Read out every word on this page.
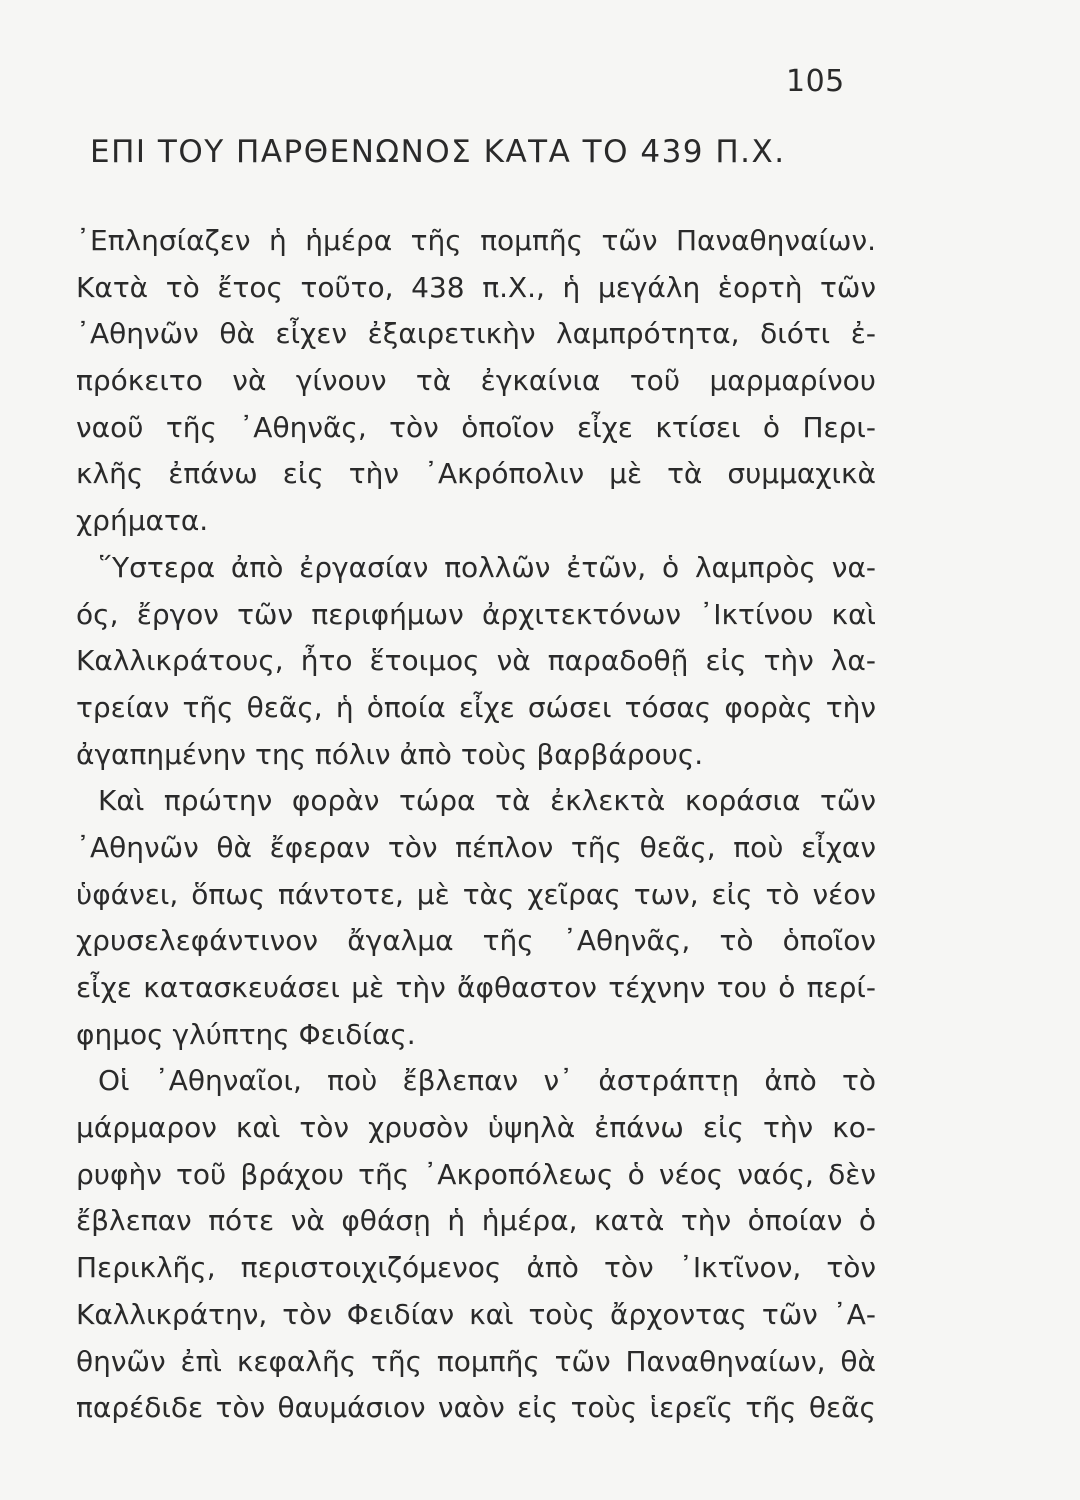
105
ΕΠΙ ΤΟΥ ΠΑΡΘΕΝΩΝΟΣ ΚΑΤΑ ΤΟ 439 Π.Χ.
᾿Επλησίαζεν ἡ ἡμέρα τῆς πομπῆς τῶν Παναθηναίων.
Κατὰ τὸ ἔτος τοῦτο, 438 π.Χ., ἡ μεγάλη ἑορτὴ τῶν
᾿Αθηνῶν θὰ εἶχεν ἐξαιρετικὴν λαμπρότητα, διότι ἐ-
πρόκειτο νὰ γίνουν τὰ ἐγκαίνια τοῦ μαρμαρίνου
ναοῦ τῆς ᾿Αθηνᾶς, τὸν ὁποῖον εἶχε κτίσει ὁ Περι-
κλῆς ἐπάνω εἰς τὴν ᾿Ακρόπολιν μὲ τὰ συμμαχικὰ
χρήματα.
῞Υστερα ἀπὸ ἐργασίαν πολλῶν ἐτῶν, ὁ λαμπρὸς να-
ός, ἔργον τῶν περιφήμων ἀρχιτεκτόνων ᾿Ικτίνου καὶ
Καλλικράτους, ἦτο ἕτοιμος νὰ παραδοθῇ εἰς τὴν λα-
τρείαν τῆς θεᾶς, ἡ ὁποία εἶχε σώσει τόσας φορὰς τὴν
ἀγαπημένην της πόλιν ἀπὸ τοὺς βαρβάρους.
Καὶ πρώτην φορὰν τώρα τὰ ἐκλεκτὰ κοράσια τῶν
᾿Αθηνῶν θὰ ἔφεραν τὸν πέπλον τῆς θεᾶς, ποὺ εἶχαν
ὑφάνει, ὅπως πάντοτε, μὲ τὰς χεῖρας των, εἰς τὸ νέον
χρυσελεφάντινον ἄγαλμα τῆς ᾿Αθηνᾶς, τὸ ὁποῖον
εἶχε κατασκευάσει μὲ τὴν ἄφθαστον τέχνην του ὁ περί-
φημος γλύπτης Φειδίας.
Οἱ ᾿Αθηναῖοι, ποὺ ἔβλεπαν ν᾿ ἀστράπτῃ ἀπὸ τὸ
μάρμαρον καὶ τὸν χρυσὸν ὑψηλὰ ἐπάνω εἰς τὴν κο-
ρυφὴν τοῦ βράχου τῆς ᾿Ακροπόλεως ὁ νέος ναός, δὲν
ἔβλεπαν πότε νὰ φθάσῃ ἡ ἡμέρα, κατὰ τὴν ὁποίαν ὁ
Περικλῆς, περιστοιχιζόμενος ἀπὸ τὸν ᾿Ικτῖνον, τὸν
Καλλικράτην, τὸν Φειδίαν καὶ τοὺς ἄρχοντας τῶν ᾿Α-
θηνῶν ἐπὶ κεφαλῆς τῆς πομπῆς τῶν Παναθηναίων, θὰ
παρέδιδε τὸν θαυμάσιον ναὸν εἰς τοὺς ἱερεῖς τῆς θεᾶς
